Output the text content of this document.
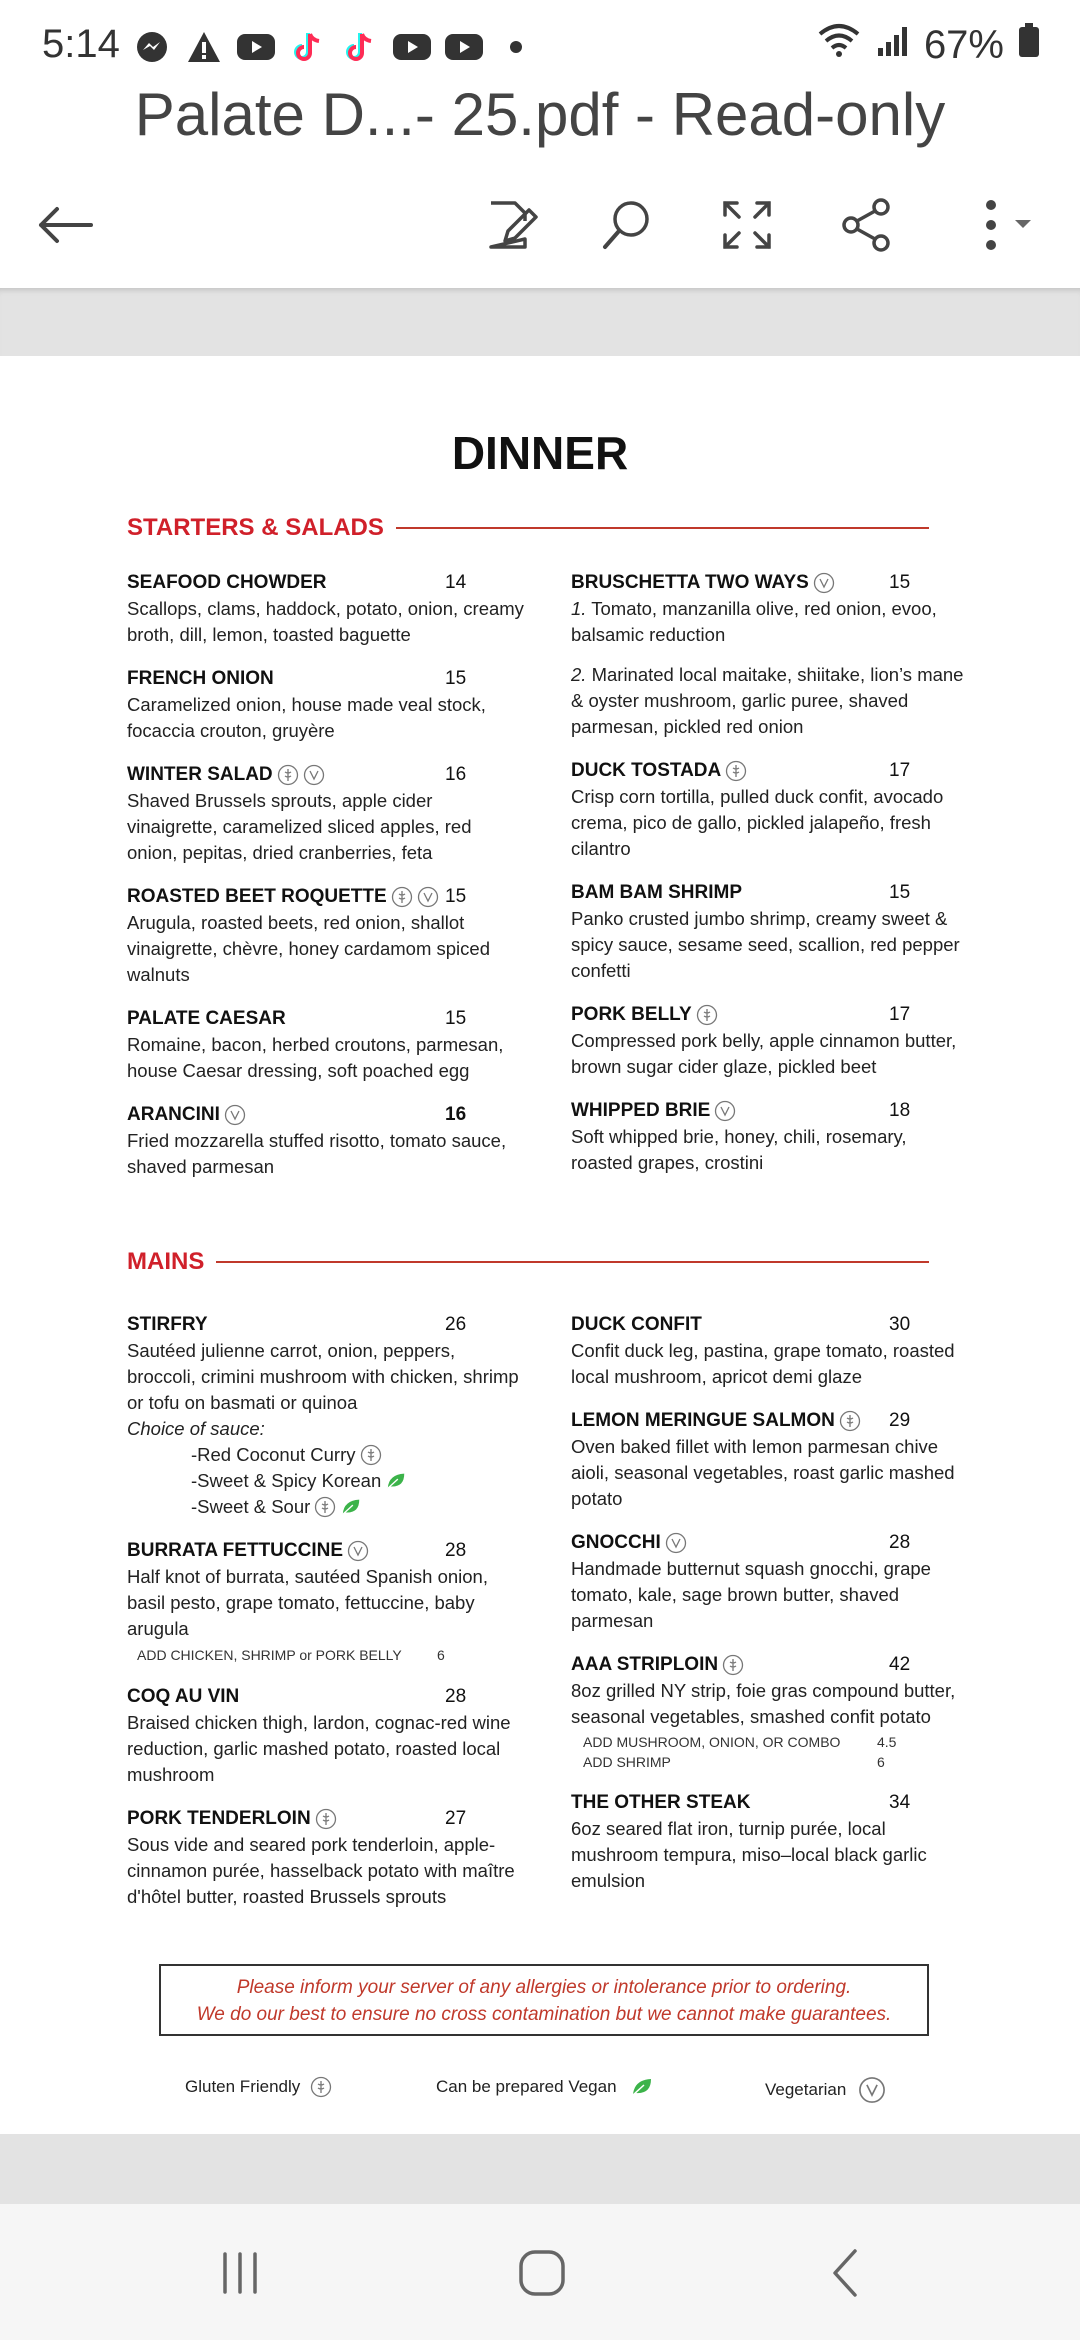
5:14	67%
Palate D...- 25.pdf - Read-only
DINNER
STARTERS & SALADS
SEAFOOD CHOWDER	14
Scallops, clams, haddock, potato, onion, creamy broth, dill, lemon, toasted baguette
FRENCH ONION	15
Caramelized onion, house made veal stock, focaccia crouton, gruyère
WINTER SALAD	16
Shaved Brussels sprouts, apple cider vinaigrette, caramelized sliced apples, red onion, pepitas, dried cranberries, feta
ROASTED BEET ROQUETTE	15
Arugula, roasted beets, red onion, shallot vinaigrette, chèvre, honey cardamom spiced walnuts
PALATE CAESAR	15
Romaine, bacon, herbed croutons, parmesan, house Caesar dressing, soft poached egg
ARANCINI	16
Fried mozzarella stuffed risotto, tomato sauce, shaved parmesan
BRUSCHETTA TWO WAYS	15
1. Tomato, manzanilla olive, red onion, evoo, balsamic reduction
2. Marinated local maitake, shiitake, lion’s mane & oyster mushroom, garlic puree, shaved parmesan, pickled red onion
DUCK TOSTADA	17
Crisp corn tortilla, pulled duck confit, avocado crema, pico de gallo, pickled jalapeño, fresh cilantro
BAM BAM SHRIMP	15
Panko crusted jumbo shrimp, creamy sweet & spicy sauce, sesame seed, scallion, red pepper confetti
PORK BELLY	17
Compressed pork belly, apple cinnamon butter, brown sugar cider glaze, pickled beet
WHIPPED BRIE	18
Soft whipped brie, honey, chili, rosemary, roasted grapes, crostini
MAINS
STIRFRY	26
Sautéed julienne carrot, onion, peppers, broccoli, crimini mushroom with chicken, shrimp or tofu on basmati or quinoa
Choice of sauce:
-Red Coconut Curry
-Sweet & Spicy Korean
-Sweet & Sour
BURRATA FETTUCCINE	28
Half knot of burrata, sautéed Spanish onion, basil pesto, grape tomato, fettuccine, baby arugula
ADD CHICKEN, SHRIMP or PORK BELLY	6
COQ AU VIN	28
Braised chicken thigh, lardon, cognac-red wine reduction, garlic mashed potato, roasted local mushroom
PORK TENDERLOIN	27
Sous vide and seared pork tenderloin, apple-cinnamon purée, hasselback potato with maître d'hôtel butter, roasted Brussels sprouts
DUCK CONFIT	30
Confit duck leg, pastina, grape tomato, roasted local mushroom, apricot demi glaze
LEMON MERINGUE SALMON	29
Oven baked fillet with lemon parmesan chive aioli, seasonal vegetables, roast garlic mashed potato
GNOCCHI	28
Handmade butternut squash gnocchi, grape tomato, kale, sage brown butter, shaved parmesan
AAA STRIPLOIN	42
8oz grilled NY strip, foie gras compound butter, seasonal vegetables, smashed confit potato
ADD MUSHROOM, ONION, OR COMBO	4.5
ADD SHRIMP	6
THE OTHER STEAK	34
6oz seared flat iron, turnip purée, local mushroom tempura, miso–local black garlic emulsion
Please inform your server of any allergies or intolerance prior to ordering.
We do our best to ensure no cross contamination but we cannot make guarantees.
Gluten Friendly	Can be prepared Vegan	Vegetarian
